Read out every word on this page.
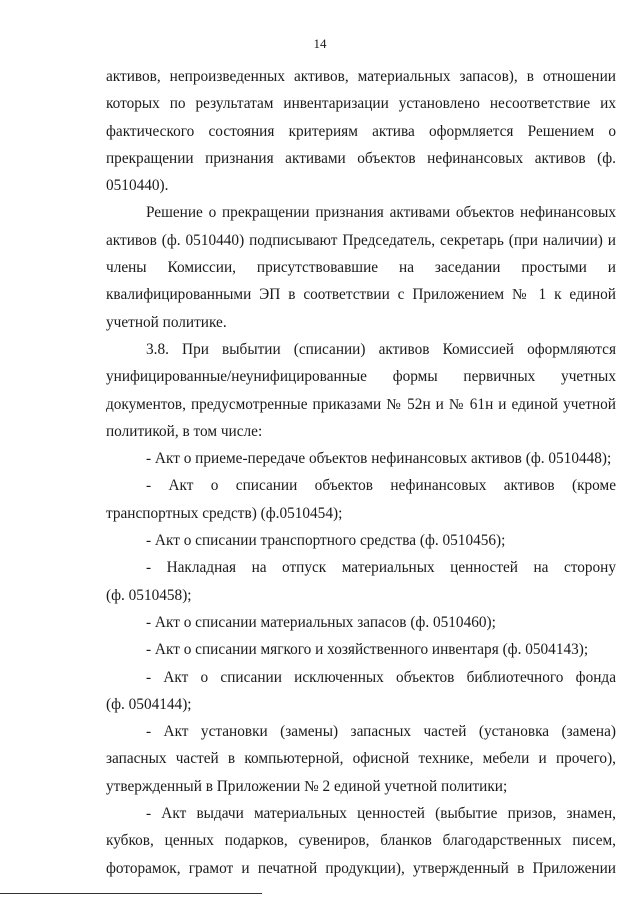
14
активов, непроизведенных активов, материальных запасов), в отношении
которых по результатам инвентаризации установлено несоответствие их
фактического состояния критериям актива оформляется Решением о
прекращении признания активами объектов нефинансовых активов (ф.
0510440).
Решение о прекращении признания активами объектов нефинансовых
активов (ф. 0510440) подписывают Председатель, секретарь (при наличии) и
члены Комиссии, присутствовавшие на заседании простыми и
квалифицированными ЭП в соответствии с Приложением № 1 к единой
учетной политике.
3.8. При выбытии (списании) активов Комиссией оформляются
унифицированные/неунифицированные формы первичных учетных
документов, предусмотренные приказами № 52н и № 61н и единой учетной
политикой, в том числе:
- Акт о приеме-передаче объектов нефинансовых активов (ф. 0510448);
- Акт о списании объектов нефинансовых активов (кроме
транспортных средств) (ф.0510454);
- Акт о списании транспортного средства (ф. 0510456);
- Накладная на отпуск материальных ценностей на сторону
(ф. 0510458);
- Акт о списании материальных запасов (ф. 0510460);
- Акт о списании мягкого и хозяйственного инвентаря (ф. 0504143);
- Акт о списании исключенных объектов библиотечного фонда
(ф. 0504144);
- Акт установки (замены) запасных частей (установка (замена)
запасных частей в компьютерной, офисной технике, мебели и прочего),
утвержденный в Приложении № 2 единой учетной политики;
- Акт выдачи материальных ценностей (выбытие призов, знамен,
кубков, ценных подарков, сувениров, бланков благодарственных писем,
фоторамок, грамот и печатной продукции), утвержденный в Приложении
